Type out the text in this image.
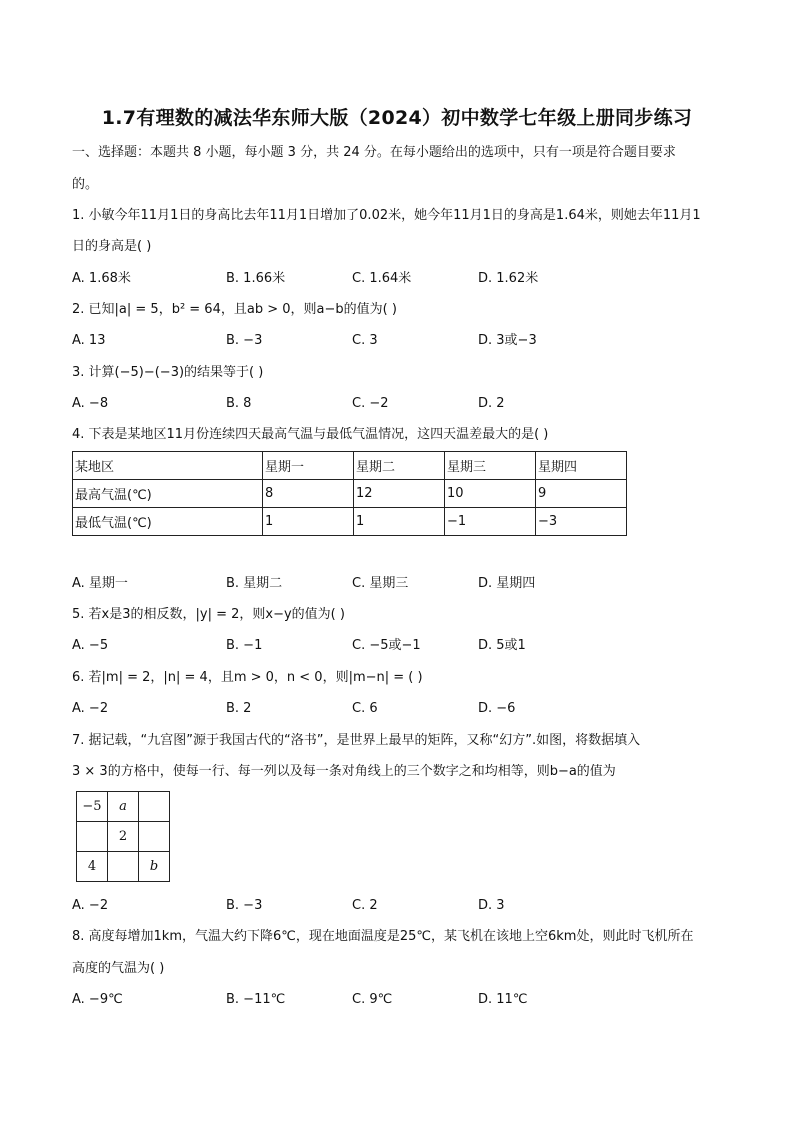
1.7有理数的减法华东师大版（2024）初中数学七年级上册同步练习
一、选择题：本题共 8 小题，每小题 3 分，共 24 分。在每小题给出的选项中，只有一项是符合题目要求
的。
1. 小敏今年11月1日的身高比去年11月1日增加了0.02米，她今年11月1日的身高是1.64米，则她去年11月1
日的身高是( )
A. 1.68米	B. 1.66米	C. 1.64米	D. 1.62米
2. 已知|a| = 5，b² = 64，且ab > 0，则a−b的值为( )
A. 13	B. −3	C. 3	D. 3或−3
3. 计算(−5)−(−3)的结果等于( )
A. −8	B. 8	C. −2	D. 2
4. 下表是某地区11月份连续四天最高气温与最低气温情况，这四天温差最大的是( )
某地区	星期一	星期二	星期三	星期四
最高气温(℃)	8	12	10	9
最低气温(℃)	1	1	−1	−3
A. 星期一	B. 星期二	C. 星期三	D. 星期四
5. 若x是3的相反数，|y| = 2，则x−y的值为( )
A. −5	B. −1	C. −5或−1	D. 5或1
6. 若|m| = 2，|n| = 4，且m > 0，n < 0，则|m−n| = ( )
A. −2	B. 2	C. 6	D. −6
7. 据记载，“九宫图”源于我国古代的“洛书”，是世界上最早的矩阵，又称“幻方”.如图，将数据填入
3 × 3的方格中，使每一行、每一列以及每一条对角线上的三个数字之和均相等，则b−a的值为
−5	a	
	2	
4		b
A. −2	B. −3	C. 2	D. 3
8. 高度每增加1km，气温大约下降6℃，现在地面温度是25℃，某飞机在该地上空6km处，则此时飞机所在
高度的气温为( )
A. −9℃	B. −11℃	C. 9℃	D. 11℃
